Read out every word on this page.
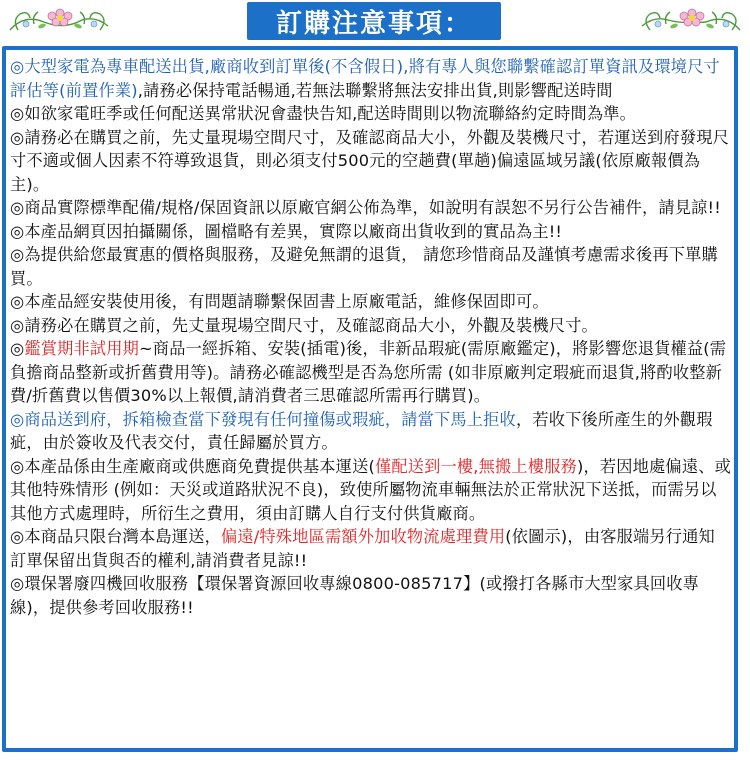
訂購注意事項：
◎大型家電為專車配送出貨,廠商收到訂單後(不含假日),將有專人與您聯繫確認訂單資訊及環境尺寸評估等(前置作業),請務必保持電話暢通,若無法聯繫將無法安排出貨,則影響配送時間
◎如欲家電旺季或任何配送異常狀況會盡快告知,配送時間則以物流聯絡約定時間為準。
◎請務必在購買之前，先丈量現場空間尺寸，及確認商品大小，外觀及裝機尺寸，若運送到府發現尺寸不適或個人因素不符導致退貨，則必須支付500元的空趟費(單趟)偏遠區域另議(依原廠報價為主)。
◎商品實際標準配備/規格/保固資訊以原廠官網公佈為準，如說明有誤恕不另行公告補件，請見諒!!
◎本產品網頁因拍攝關係，圖檔略有差異，實際以廠商出貨收到的實品為主!!
◎為提供給您最實惠的價格與服務，及避免無謂的退貨， 請您珍惜商品及謹慎考慮需求後再下單購買。
◎本產品經安裝使用後，有問題請聯繫保固書上原廠電話，維修保固即可。
◎請務必在購買之前，先丈量現場空間尺寸，及確認商品大小，外觀及裝機尺寸。
◎鑑賞期非試用期~商品一經拆箱、安裝(插電)後，非新品瑕疵(需原廠鑑定)，將影響您退貨權益(需負擔商品整新或折舊費用等)。請務必確認機型是否為您所需 (如非原廠判定瑕疵而退貨,將酌收整新費/折舊費以售價30%以上報價,請消費者三思確認所需再行購買)。
◎商品送到府，拆箱檢查當下發現有任何撞傷或瑕疵，請當下馬上拒收，若收下後所產生的外觀瑕疵，由於簽收及代表交付，責任歸屬於買方。
◎本產品係由生產廠商或供應商免費提供基本運送(僅配送到一樓,無搬上樓服務)，若因地處偏遠、或其他特殊情形 (例如：天災或道路狀況不良)，致使所屬物流車輛無法於正常狀況下送抵，而需另以其他方式處理時，所衍生之費用，須由訂購人自行支付供貨廠商。
◎本商品只限台灣本島運送，偏遠/特殊地區需額外加收物流處理費用(依圖示)，由客服端另行通知訂單保留出貨與否的權利,請消費者見諒!!
◎環保署廢四機回收服務【環保署資源回收專線0800-085717】(或撥打各縣市大型家具回收專線)，提供參考回收服務!!
